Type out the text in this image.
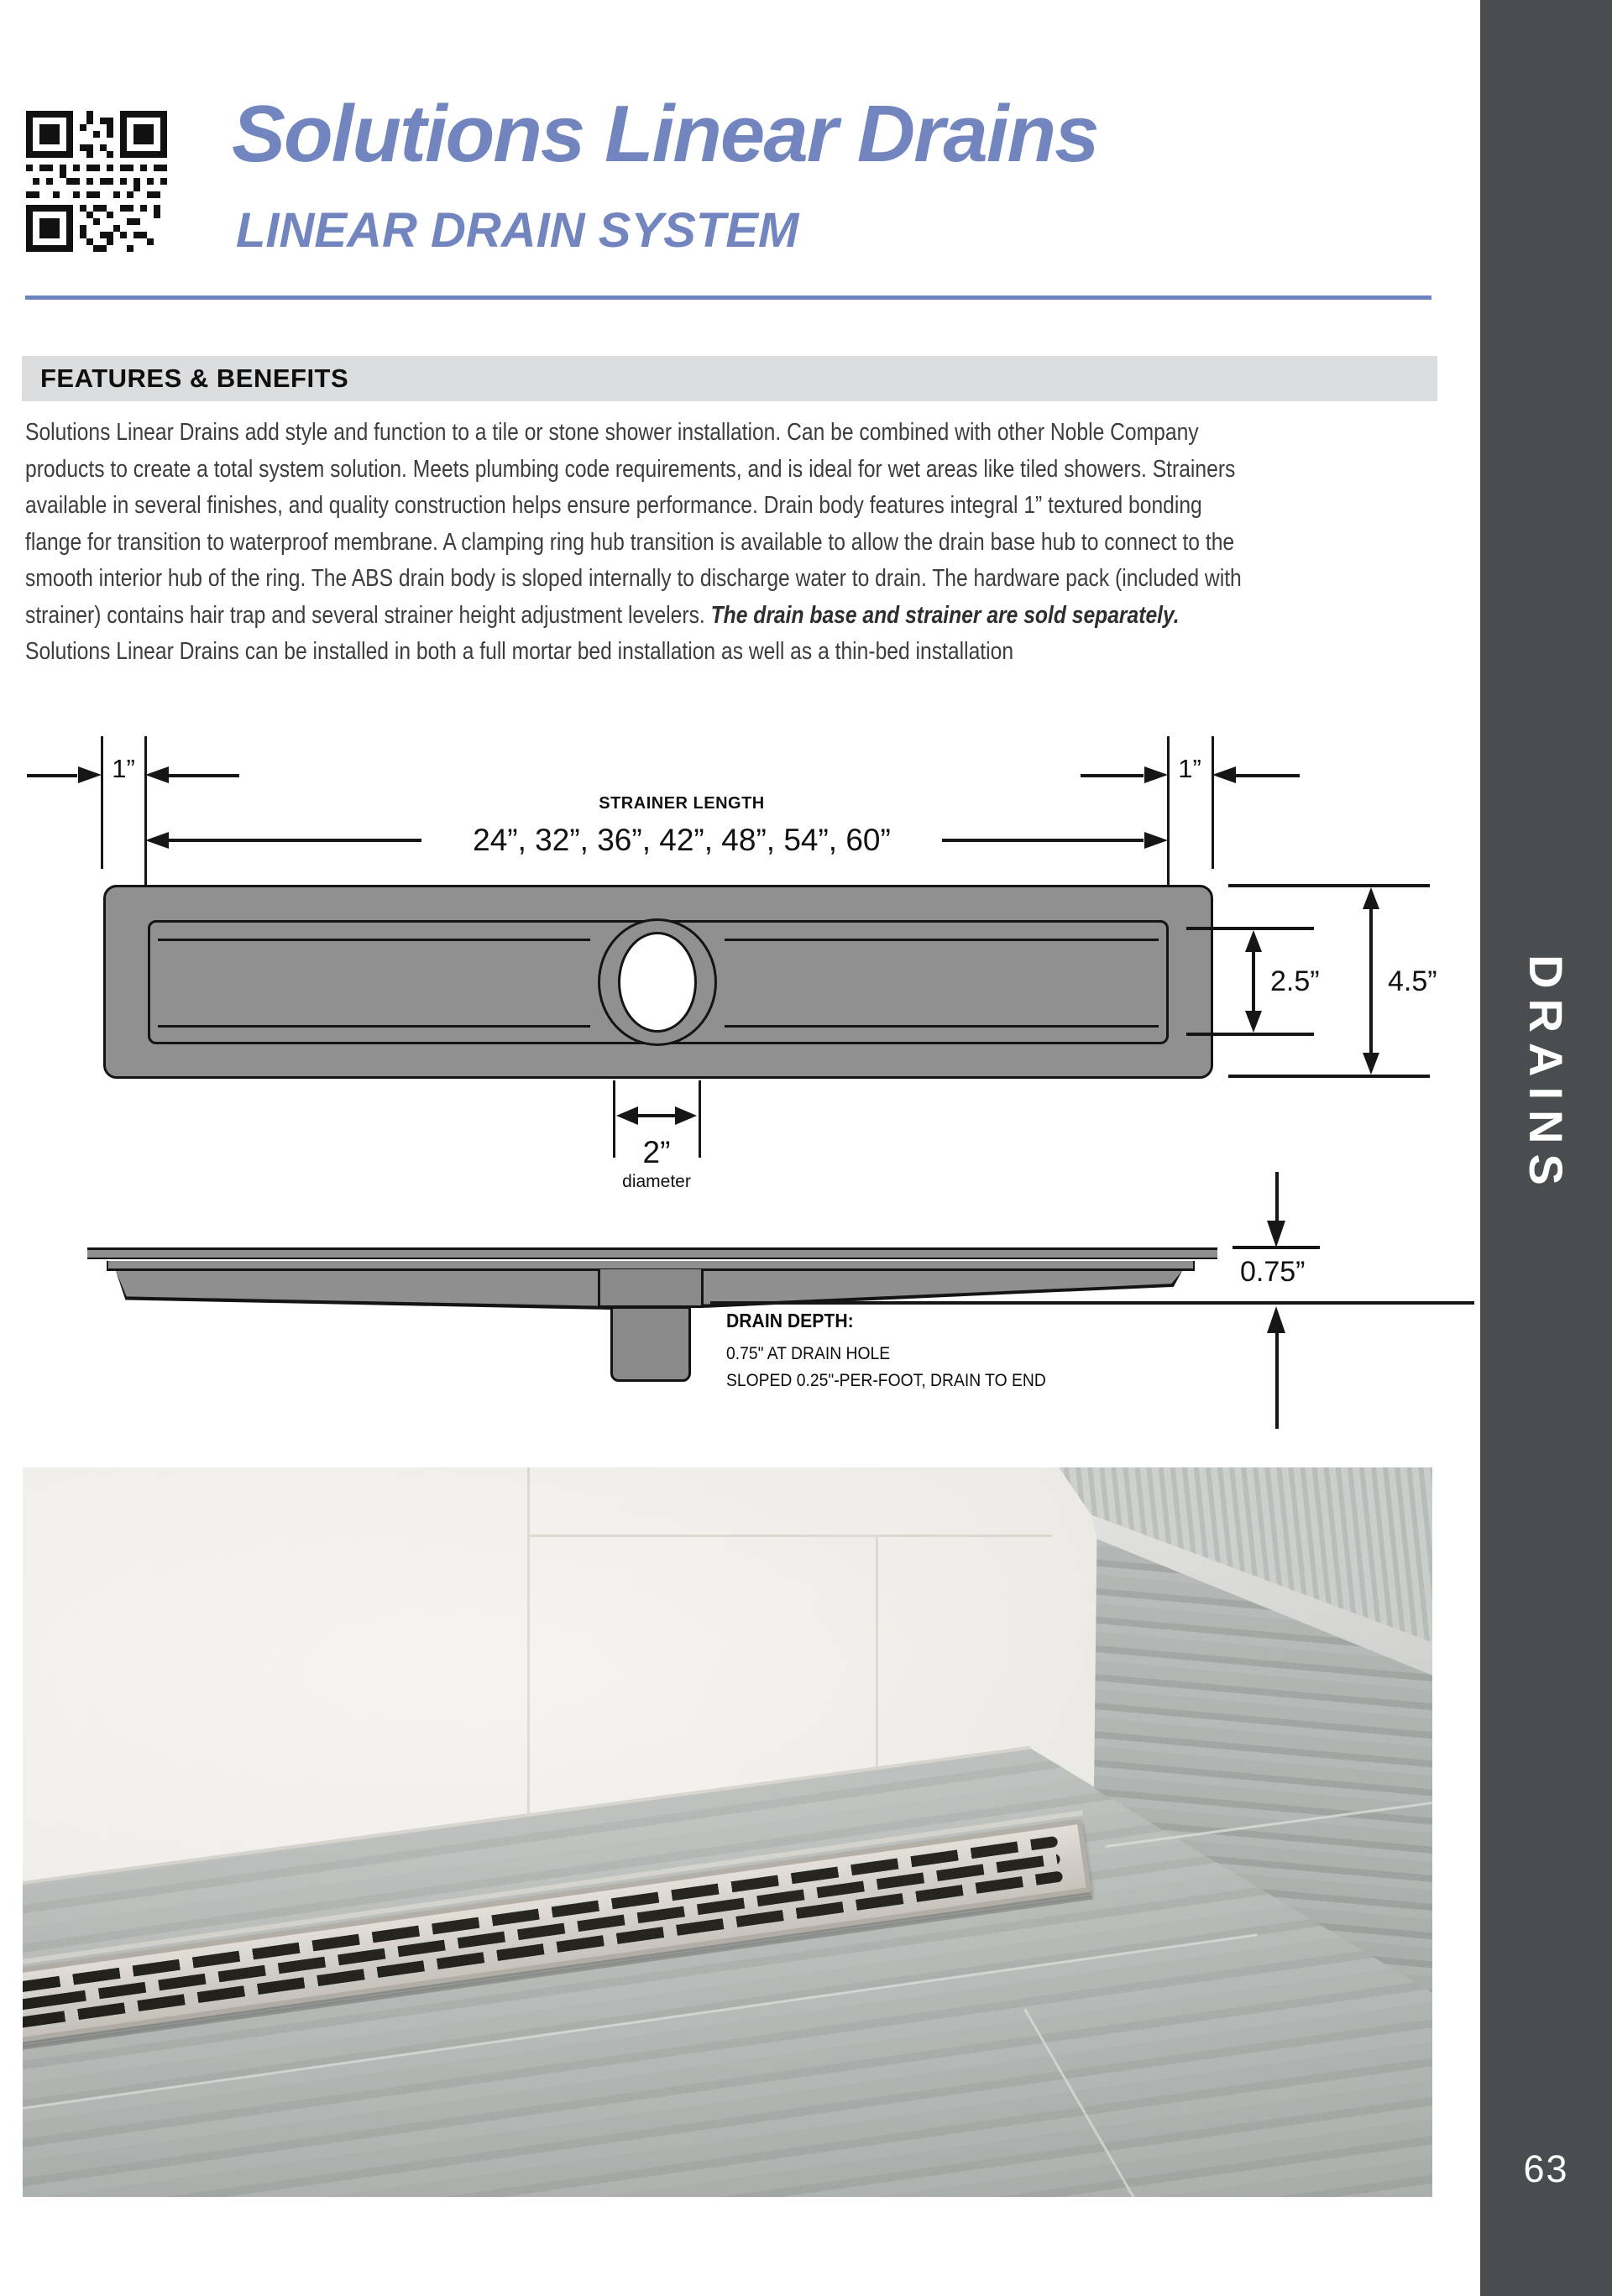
Solutions Linear Drains
LINEAR DRAIN SYSTEM
FEATURES & BENEFITS
Solutions Linear Drains add style and function to a tile or stone shower installation. Can be combined with other Noble Company
products to create a total system solution. Meets plumbing code requirements, and is ideal for wet areas like tiled showers. Strainers
available in several finishes, and quality construction helps ensure performance. Drain body features integral 1” textured bonding
flange for transition to waterproof membrane. A clamping ring hub transition is available to allow the drain base hub to connect to the
smooth interior hub of the ring. The ABS drain body is sloped internally to discharge water to drain. The hardware pack (included with
strainer) contains hair trap and several strainer height adjustment levelers. The drain base and strainer are sold separately.
Solutions Linear Drains can be installed in both a full mortar bed installation as well as a thin-bed installation
1”	1”
STRAINER LENGTH
24”, 32”, 36”, 42”, 48”, 54”, 60”
2”
diameter
2.5” 4.5”
0.75”
DRAIN DEPTH:
0.75" AT DRAIN HOLE
SLOPED 0.25"-PER-FOOT, DRAIN TO END
DRAINS
63
